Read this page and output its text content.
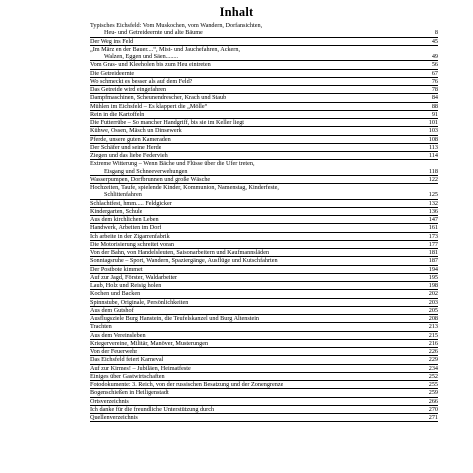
Inhalt
Typisches Eichsfeld: Vom Muskochen, vom Wandern, Dorfansichten,
Heu- und Getreideernte und alte Bäume	8
Der Weg ins Feld	45
„Im März en der Bauer....“, Mist- und Jauchefahren, Ackern,
Walzen, Eggen und Säen........	49
Vom Gras- und Kleeholen bis zum Heu eintreten	56
Die Getreideernte	67
Wo schmeckt es besser als auf dem Feld?	76
Das Getreide wird eingefahren	78
Dampfmaschinen, Scheunendrescher, Krach und Staub	84
Mühlen im Eichsfeld – Es klappert die „Mölle“	88
Rein in die Kartoffeln	91
Die Futterrübe – So mancher Handgriff, bis sie im Keller liegt	101
Kühwe, Ossen, Mäsch un Dinsewerk	103
Pferde, unsere guten Kameraden	108
Der Schäfer und seine Herde	113
Ziegen und das liebe Federvieh	114
Extreme Witterung – Wenn Bäche und Flüsse über die Ufer treten,
Eisgang und Schneeverwehungen	118
Wasserpumpen, Dorfbrunnen und große Wäsche	122
Hochzeiten, Taufe, spielende Kinder, Kommunion, Namenstag, Kinderfeste,
Schlittenfahren	125
Schlachtfest, hmm..... Feldgicker	132
Kindergarten, Schule	136
Aus dem kirchlichen Leben	147
Handwerk, Arbeiten im Dorf	161
Ich arbeite in der Zigarrenfabrik	173
Die Motorisierung schreitet voran	177
Von der Bahn, von Handelsleuten, Saisonarbeitern und Kaufmannsläden	181
Sonntagsruhe – Sport, Wandern, Spaziergänge, Ausflüge und Kutschfahrten	187
Der Postbote kimmet	194
Auf zur Jagd, Förster, Waldarbeiter	195
Laub, Holz und Reisig holen	198
Kochen und Backen	202
Spinnstube, Originale, Persönlichkeiten	203
Aus dem Gutshof	205
Ausflugsziele Burg Hanstein, die Teufelskanzel und Burg Altenstein	208
Trachten	213
Aus dem Vereinsleben	215
Kriegervereine, Militär, Manöver, Musterungen	216
Von der Feuerwehr	226
Das Eichsfeld feiert Karneval	229
Auf zur Kirmes! – Jubiläen, Heimatfeste	234
Einiges über Gastwirtschaften	252
Fotodokumente: 3. Reich, von der russischen Besatzung und der Zonengrenze	255
Bogenschießen in Heiligenstadt	259
Ortsverzeichnis	266
Ich danke für die freundliche Unterstützung durch	270
Quellenverzeichnis	271
